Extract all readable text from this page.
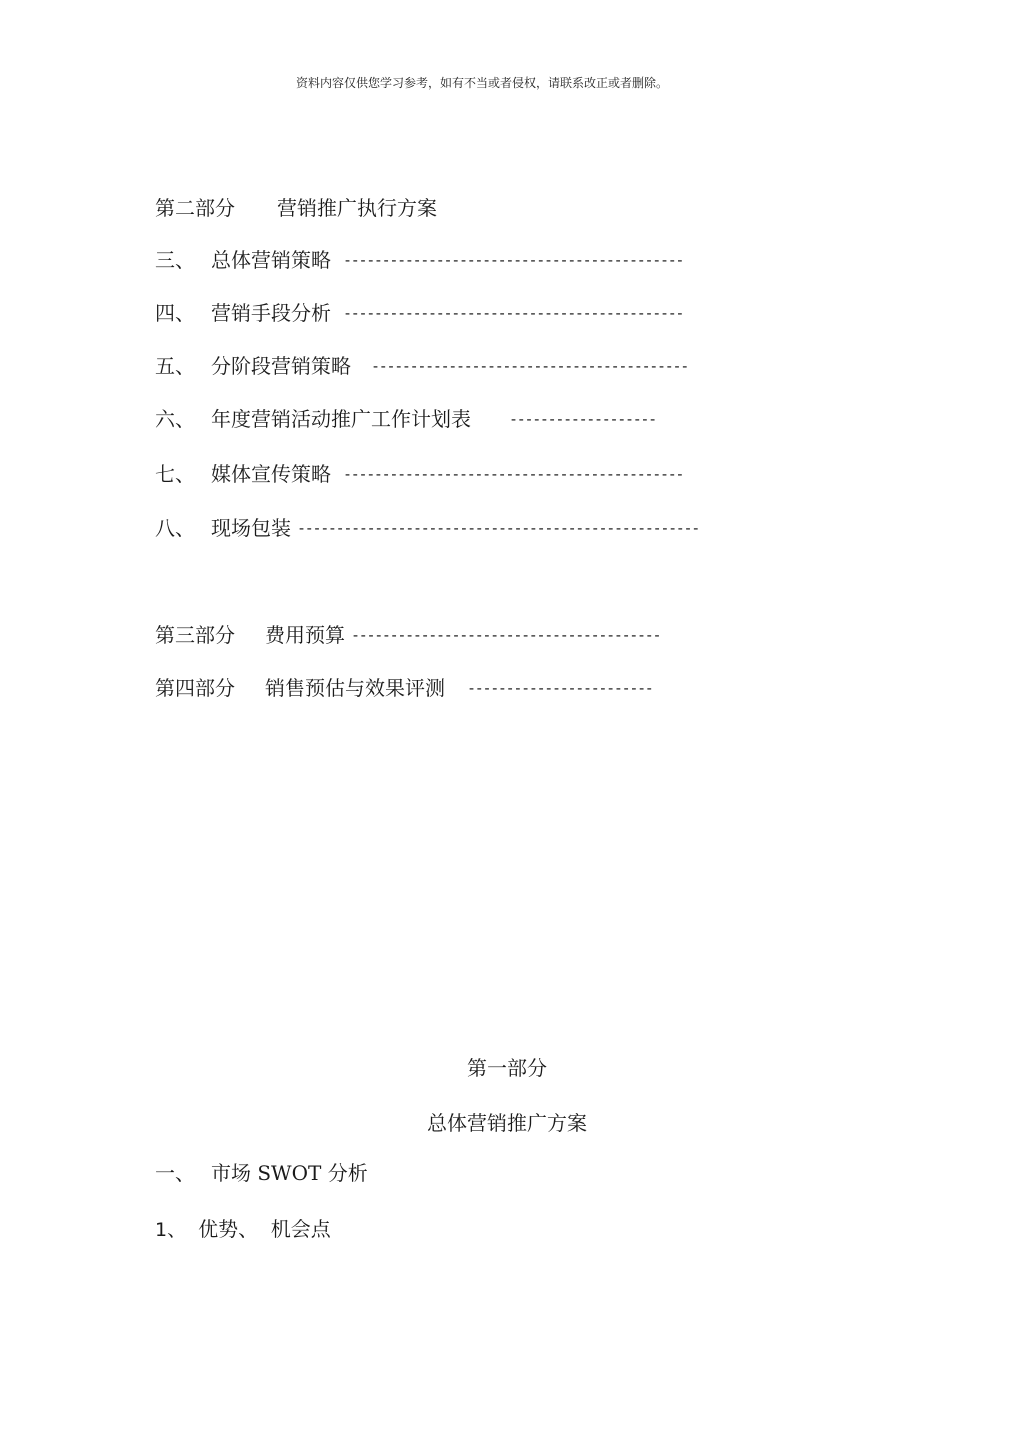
资料内容仅供您学习参考，如有不当或者侵权，请联系改正或者删除。
第二部分 营销推广执行方案
三、 总体营销策略 --------------------------------------------
四、 营销手段分析 --------------------------------------------
五、 分阶段营销策略 -----------------------------------------
六、 年度营销活动推广工作计划表	-------------------
七、 媒体宣传策略 --------------------------------------------
八、 现场包装 ----------------------------------------------------
第三部分 费用预算 ----------------------------------------
第四部分 销售预估与效果评测 ------------------------
第一部分
总体营销推广方案
一、 市场 SWOT 分析
1、 优势、  机会点
